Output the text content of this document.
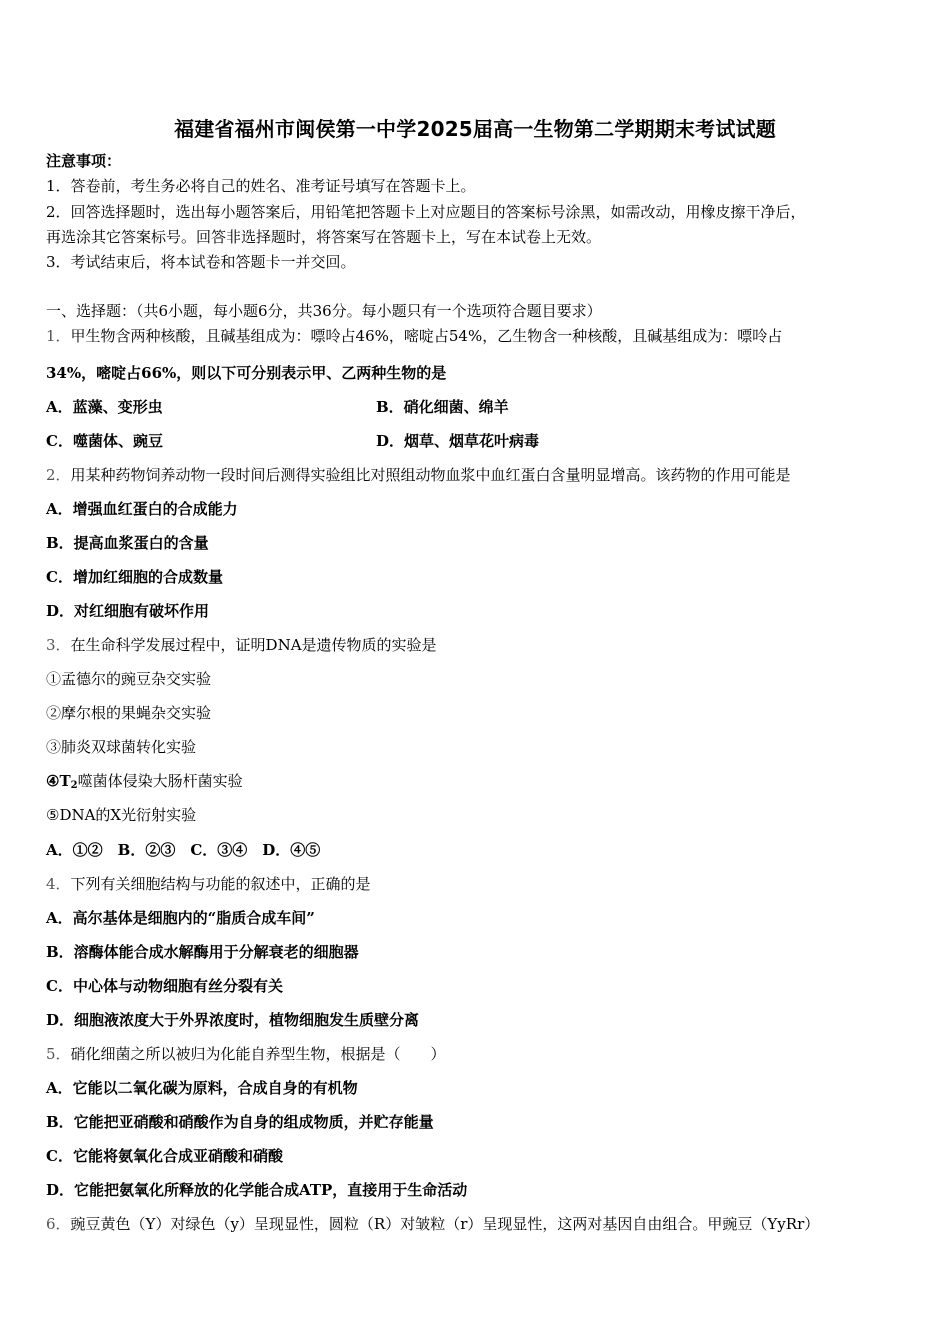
福建省福州市闽侯第一中学2025届高一生物第二学期期末考试试题
注意事项：
1．答卷前，考生务必将自己的姓名、准考证号填写在答题卡上。
2．回答选择题时，选出每小题答案后，用铅笔把答题卡上对应题目的答案标号涂黑，如需改动，用橡皮擦干净后，
再选涂其它答案标号。回答非选择题时，将答案写在答题卡上，写在本试卷上无效。
3．考试结束后，将本试卷和答题卡一并交回。
一、选择题：（共6小题，每小题6分，共36分。每小题只有一个选项符合题目要求）
1．甲生物含两种核酸，且碱基组成为：嘌呤占46%，嘧啶占54%，乙生物含一种核酸，且碱基组成为：嘌呤占
34%，嘧啶占66%，则以下可分别表示甲、乙两种生物的是
A．蓝藻、变形虫	B．硝化细菌、绵羊
C．噬菌体、豌豆	D．烟草、烟草花叶病毒
2．用某种药物饲养动物一段时间后测得实验组比对照组动物血浆中血红蛋白含量明显增高。该药物的作用可能是
A．增强血红蛋白的合成能力
B．提高血浆蛋白的含量
C．增加红细胞的合成数量
D．对红细胞有破坏作用
3．在生命科学发展过程中，证明DNA是遗传物质的实验是
①孟德尔的豌豆杂交实验
②摩尔根的果蝇杂交实验
③肺炎双球菌转化实验
$④T_2$噬菌体侵染大肠杆菌实验
⑤DNA的X光衍射实验
A．①②　B．②③　C．③④　D．④⑤
4．下列有关细胞结构与功能的叙述中，正确的是
A．高尔基体是细胞内的“脂质合成车间”
B．溶酶体能合成水解酶用于分解衰老的细胞器
C．中心体与动物细胞有丝分裂有关
D．细胞液浓度大于外界浓度时，植物细胞发生质壁分离
5．硝化细菌之所以被归为化能自养型生物，根据是（　　）
A．它能以二氧化碳为原料，合成自身的有机物
B．它能把亚硝酸和硝酸作为自身的组成物质，并贮存能量
C．它能将氨氧化合成亚硝酸和硝酸
D．它能把氨氧化所释放的化学能合成ATP，直接用于生命活动
6．豌豆黄色（Y）对绿色（y）呈现显性，圆粒（R）对皱粒（r）呈现显性，这两对基因自由组合。甲豌豆（YyRr）
